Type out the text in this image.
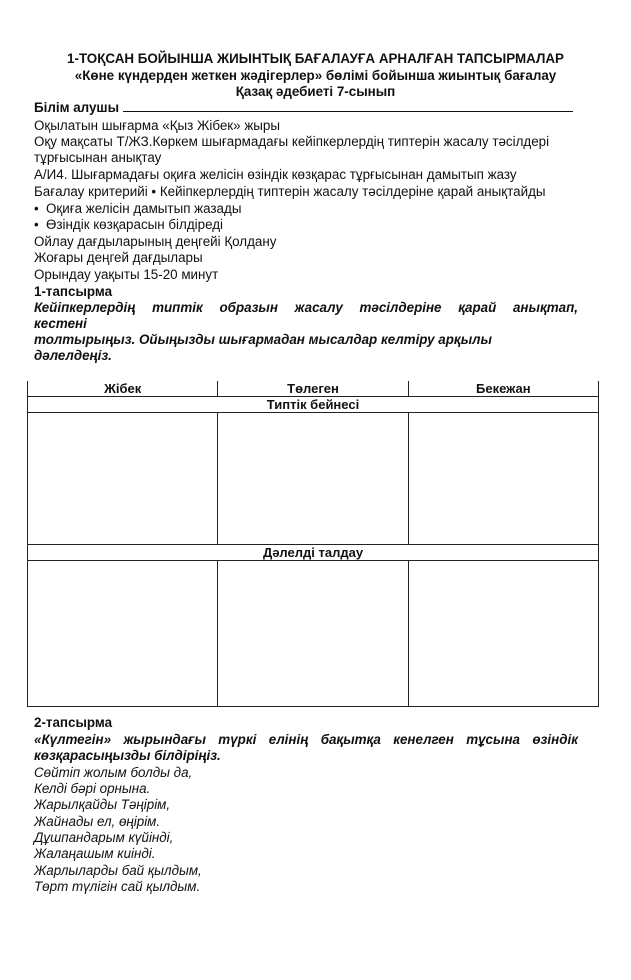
1-ТОҚСАН БОЙЫНША ЖИЫНТЫҚ БАҒАЛАУҒА АРНАЛҒАН ТАПСЫРМАЛАР
«Көне күндерден жеткен жәдігерлер» бөлімі бойынша жиынтық бағалау
Қазақ әдебиеті 7-сынып
Білім алушы
Оқылатын шығарма «Қыз Жібек» жыры
Оқу мақсаты Т/ЖЗ.Көркем шығармадағы кейіпкерлердің типтерін жасалу тәсілдері
тұрғысынан анықтау
А/И4. Шығармадағы оқиға желісін өзіндік көзқарас тұрғысынан дамытып жазу
Бағалау критерийі • Кейіпкерлердің типтерін жасалу тәсілдеріне қарай анықтайды
• Оқиға желісін дамытып жазады
• Өзіндік көзқарасын білдіреді
Ойлау дағдыларының деңгейі Қолдану
Жоғары деңгей дағдылары
Орындау уақыты 15-20 минут
1-тапсырма
Кейіпкерлердің типтік образын жасалу тәсілдеріне қарай анықтап,
кестені
толтырыңыз. Ойыңызды шығармадан мысалдар келтіру арқылы
дәлелдеңіз.
Жібек	Төлеген	Бекежан
Типтік бейнесі		

Дәлелді талдау		

2-тапсырма
«Күлтегін» жырындағы түркі елінің бақытқа кенелген тұсына өзіндік
көзқарасыңызды білдіріңіз.
Сөйтіп жолым болды да,
Келді бәрі орнына.
Жарылқайды Тәңірім,
Жайнады ел, өңірім.
Дұшпандарым күйінді,
Жалаңашым киінді.
Жарлыларды бай қылдым,
Төрт түлігін сай қылдым.
